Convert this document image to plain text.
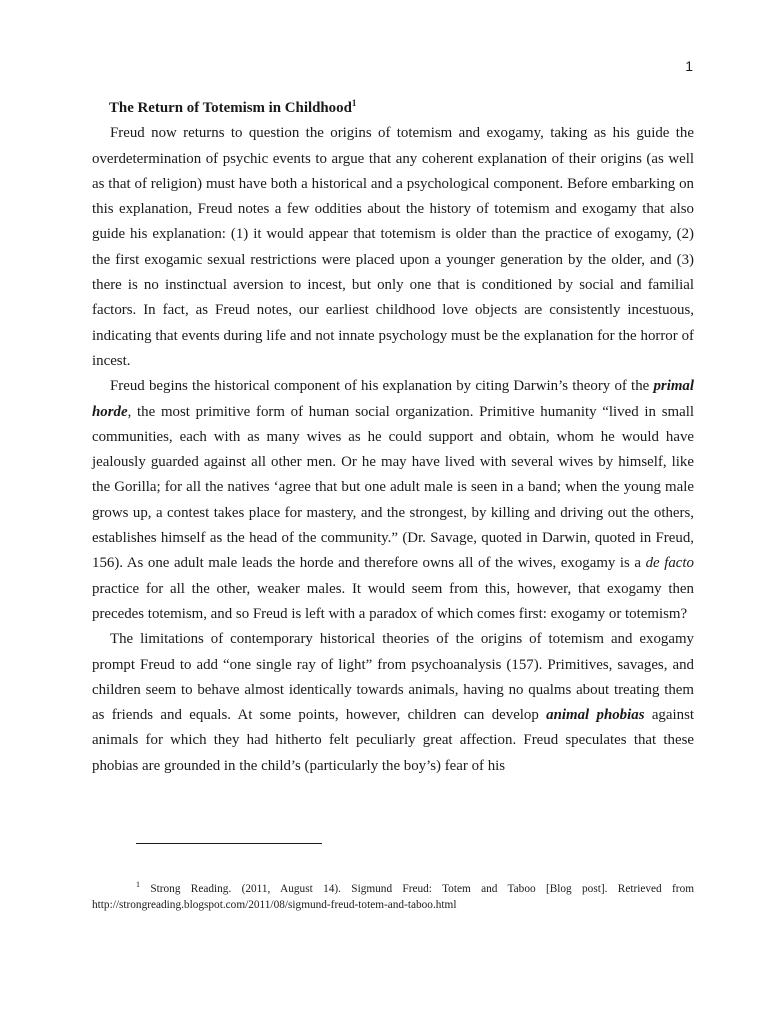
1
The Return of Totemism in Childhood$^1$

Freud now returns to question the origins of totemism and exogamy, taking as his guide the overdetermination of psychic events to argue that any coherent explanation of their origins (as well as that of religion) must have both a historical and a psychological component. Before embarking on this explanation, Freud notes a few oddities about the history of totemism and exogamy that also guide his explanation: (1) it would appear that totemism is older than the practice of exogamy, (2) the first exogamic sexual restrictions were placed upon a younger generation by the older, and (3) there is no instinctual aversion to incest, but only one that is conditioned by social and familial factors. In fact, as Freud notes, our earliest childhood love objects are consistently incestuous, indicating that events during life and not innate psychology must be the explanation for the horror of incest.

Freud begins the historical component of his explanation by citing Darwin’s theory of the primal horde, the most primitive form of human social organization. Primitive humanity “lived in small communities, each with as many wives as he could support and obtain, whom he would have jealously guarded against all other men. Or he may have lived with several wives by himself, like the Gorilla; for all the natives ‘agree that but one adult male is seen in a band; when the young male grows up, a contest takes place for mastery, and the strongest, by killing and driving out the others, establishes himself as the head of the community.” (Dr. Savage, quoted in Darwin, quoted in Freud, 156). As one adult male leads the horde and therefore owns all of the wives, exogamy is a de facto practice for all the other, weaker males. It would seem from this, however, that exogamy then precedes totemism, and so Freud is left with a paradox of which comes first: exogamy or totemism?

The limitations of contemporary historical theories of the origins of totemism and exogamy prompt Freud to add “one single ray of light” from psychoanalysis (157). Primitives, savages, and children seem to behave almost identically towards animals, having no qualms about treating them as friends and equals. At some points, however, children can develop animal phobias against animals for which they had hitherto felt peculiarly great affection. Freud speculates that these phobias are grounded in the child’s (particularly the boy’s) fear of his

$^1$ Strong Reading. (2011, August 14). Sigmund Freud: Totem and Taboo [Blog post]. Retrieved from http://strongreading.blogspot.com/2011/08/sigmund-freud-totem-and-taboo.html
